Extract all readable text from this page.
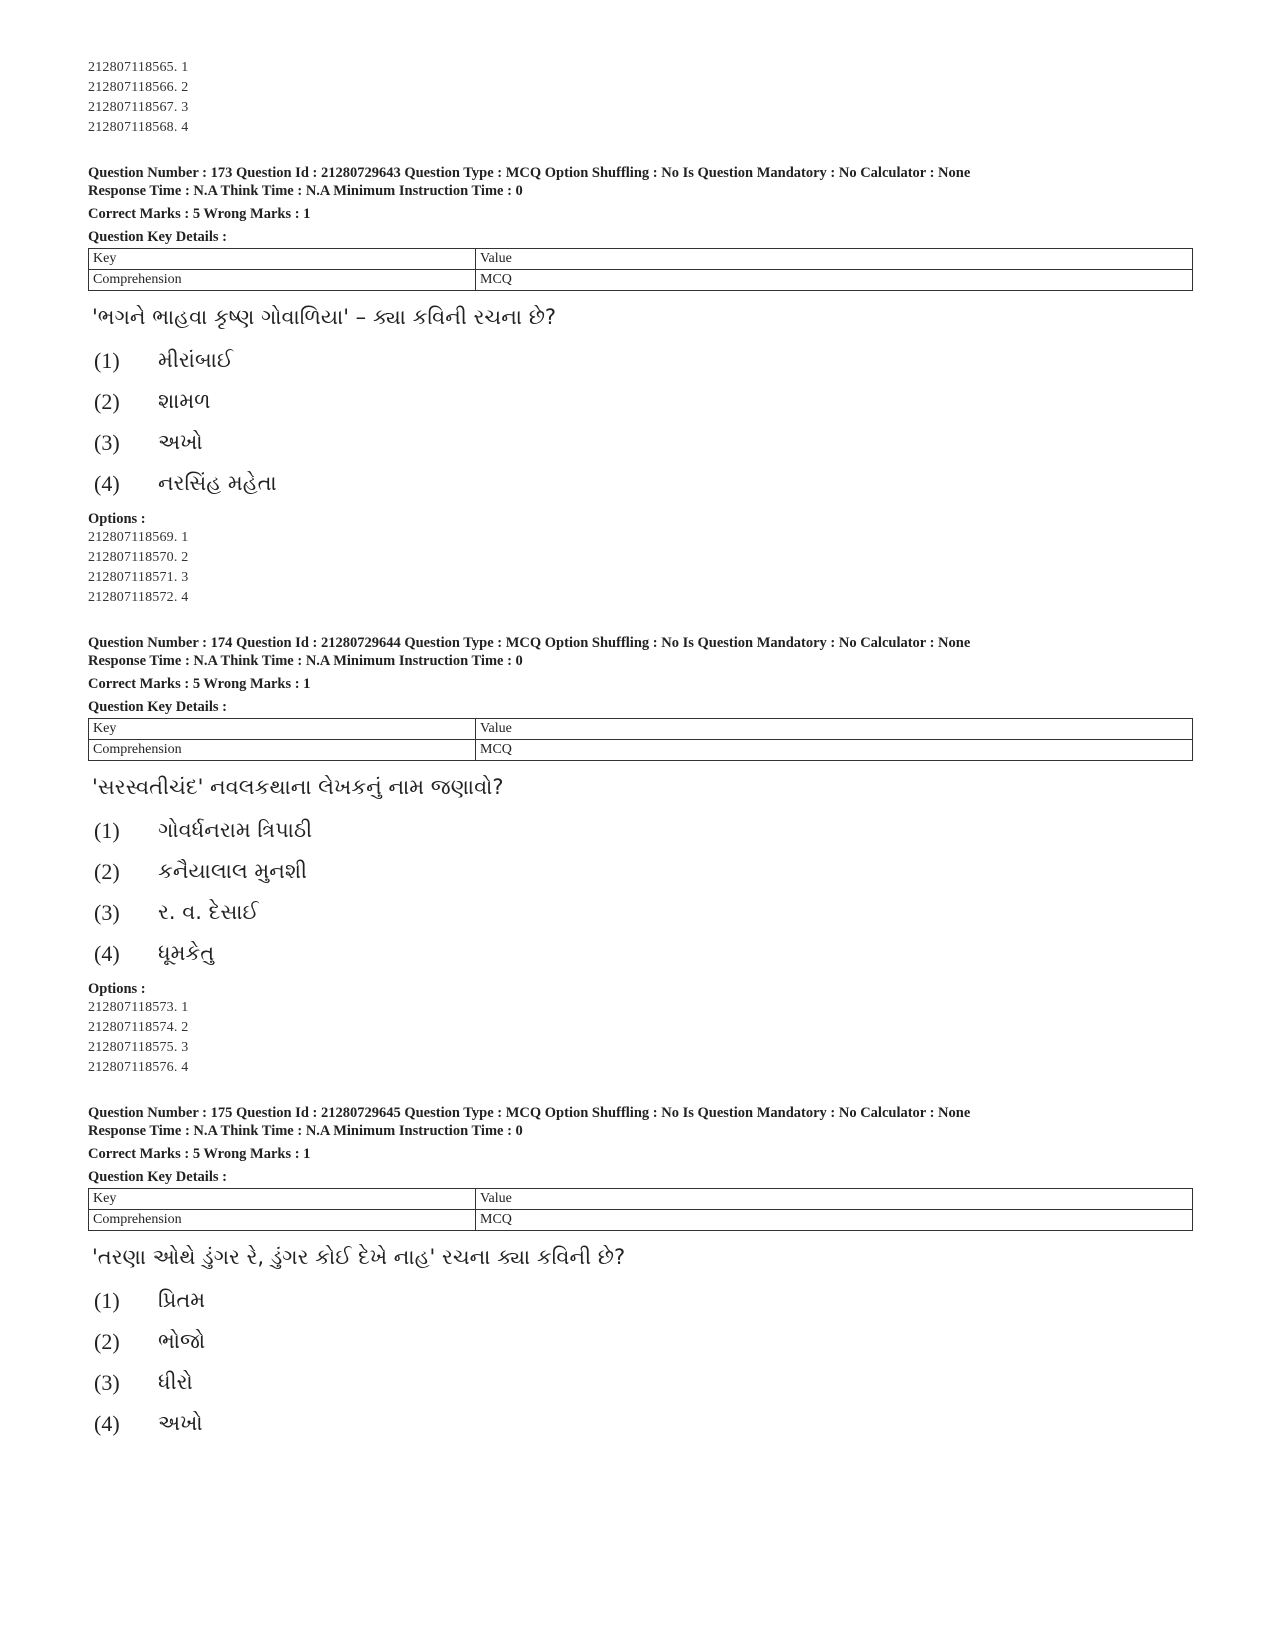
212807118565. 1
212807118566. 2
212807118567. 3
212807118568. 4

Question Number : 173 Question Id : 21280729643 Question Type : MCQ Option Shuffling : No Is Question Mandatory : No Calculator : None

Response Time : N.A Think Time : N.A Minimum Instruction Time : 0

Correct Marks : 5 Wrong Marks : 1

Question Key Details :

Key	Value
Comprehension	MCQ
'ભગને ભાહવા કૃષ્ણ ગોવાળિયા' – ક્યા કવિની રચના છે?
(1)	મીરાંબાઈ
(2)	શામળ
(3)	અખો
(4)	નરસિંહ મહેતા
Options :
212807118569. 1
212807118570. 2
212807118571. 3
212807118572. 4

Question Number : 174 Question Id : 21280729644 Question Type : MCQ Option Shuffling : No Is Question Mandatory : No Calculator : None

Response Time : N.A Think Time : N.A Minimum Instruction Time : 0

Correct Marks : 5 Wrong Marks : 1

Question Key Details :

Key	Value
Comprehension	MCQ
'સરસ્વતીચંદ' નવલકથાના લેખકનું નામ જણાવો?
(1)	ગોવર્ધનરામ ત્રિપાઠી
(2)	કનૈયાલાલ મુનશી
(3)	ર. વ. દેસાઈ
(4)	ધૂમકેતુ
Options :
212807118573. 1
212807118574. 2
212807118575. 3
212807118576. 4

Question Number : 175 Question Id : 21280729645 Question Type : MCQ Option Shuffling : No Is Question Mandatory : No Calculator : None

Response Time : N.A Think Time : N.A Minimum Instruction Time : 0

Correct Marks : 5 Wrong Marks : 1

Question Key Details :

Key	Value
Comprehension	MCQ
'તરણા ઓથે ડુંગર રે, ડુંગર કોઈ દેખે નાહ' રચના ક્યા કવિની છે?
(1)	પ્રિતમ
(2)	ભોજો
(3)	ધીરો
(4)	અખો
